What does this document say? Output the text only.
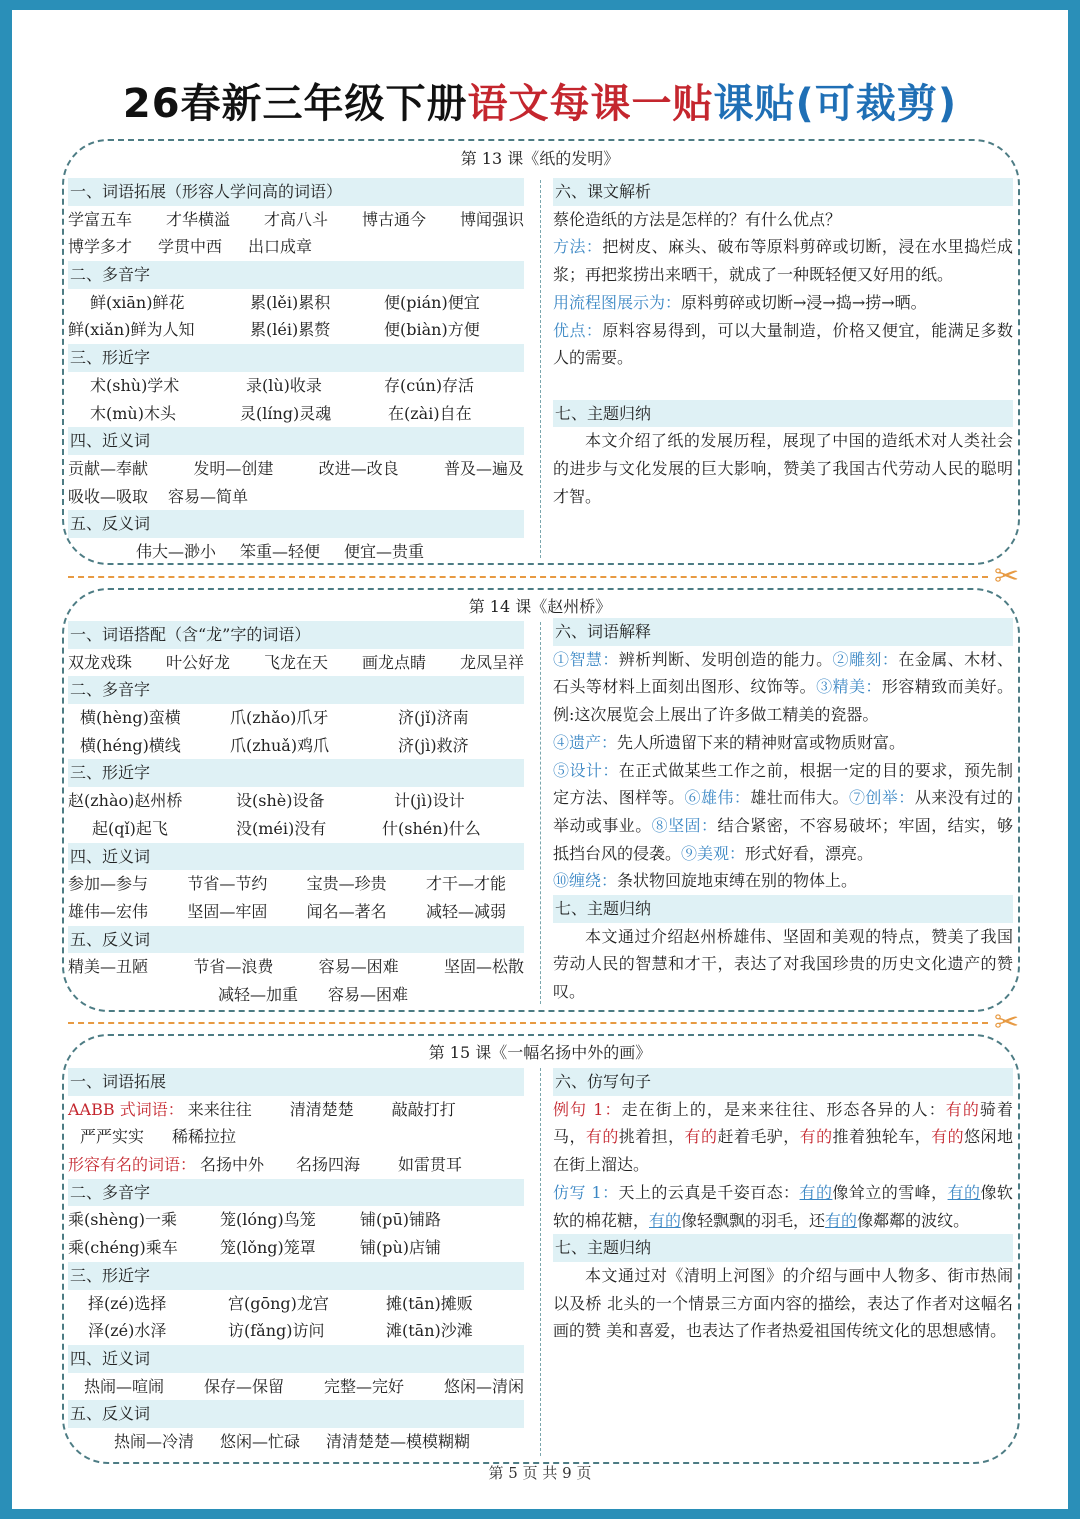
26春新三年级下册语文每课一贴课贴(可裁剪)
第 13 课《纸的发明》
一、词语拓展（形容人学问高的词语）
学富五车 才华横溢 才高八斗 博古通今 博闻强识
博学多才 学贯中西 出口成章
二、多音字
鲜(xiān)鲜花	累(lěi)累积	便(pián)便宜
鲜(xiǎn)鲜为人知	累(léi)累赘	便(biàn)方便
三、形近字
术(shù)学术	录(lù)收录	存(cún)存活
木(mù)木头	灵(líng)灵魂	在(zài)自在
四、近义词
贡献—奉献	发明—创建	改进—改良	普及—遍及
吸收—吸取 容易—简单
五、反义词
伟大—渺小 笨重—轻便 便宜—贵重
六、课文解析
蔡伦造纸的方法是怎样的？有什么优点？
方法：把树皮、麻头、破布等原料剪碎或切断，浸在水里捣烂成浆；再把浆捞出来晒干，就成了一种既轻便又好用的纸。
用流程图展示为：原料剪碎或切断→浸→捣→捞→晒。
优点：原料容易得到，可以大量制造，价格又便宜，能满足多数人的需要。
七、主题归纳
本文介绍了纸的发展历程，展现了中国的造纸术对人类社会的进步与文化发展的巨大影响，赞美了我国古代劳动人民的聪明才智。
✂
第 14 课《赵州桥》
一、词语搭配（含“龙”字的词语）
双龙戏珠 叶公好龙 飞龙在天 画龙点睛 龙凤呈祥
二、多音字
横(hèng)蛮横	爪(zhǎo)爪牙	济(jǐ)济南
横(héng)横线	爪(zhuǎ)鸡爪	济(jì)救济
三、形近字
赵(zhào)赵州桥	设(shè)设备	计(jì)设计
起(qǐ)起飞	没(méi)没有	什(shén)什么
四、近义词
参加—参与 节省—节约 宝贵—珍贵 才干—才能
雄伟—宏伟 坚固—牢固 闻名—著名 减轻—减弱
五、反义词
精美—丑陋	节省—浪费	容易—困难	坚固—松散
减轻—加重 容易—困难
六、词语解释
①智慧：辨析判断、发明创造的能力。②雕刻：在金属、木材、石头等材料上面刻出图形、纹饰等。③精美：形容精致而美好。例:这次展览会上展出了许多做工精美的瓷器。
④遗产：先人所遗留下来的精神财富或物质财富。
⑤设计：在正式做某些工作之前，根据一定的目的要求，预先制定方法、图样等。⑥雄伟：雄壮而伟大。⑦创举：从来没有过的举动或事业。⑧坚固：结合紧密，不容易破坏；牢固，结实，够抵挡台风的侵袭。⑨美观：形式好看，漂亮。
⑩缠绕：条状物回旋地束缚在别的物体上。
七、主题归纳
本文通过介绍赵州桥雄伟、坚固和美观的特点，赞美了我国劳动人民的智慧和才干，表达了对我国珍贵的历史文化遗产的赞叹。
✂
第 15 课《一幅名扬中外的画》
一、词语拓展
AABB 式词语： 来来往往	清清楚楚	敲敲打打
严严实实 稀稀拉拉
形容有名的词语： 名扬中外	名扬四海	如雷贯耳
二、多音字
乘(shèng)一乘	笼(lóng)鸟笼	铺(pū)铺路
乘(chéng)乘车	笼(lǒng)笼罩	铺(pù)店铺
三、形近字
择(zé)选择	宫(gōng)龙宫	摊(tān)摊贩
泽(zé)水泽	访(fǎng)访问	滩(tān)沙滩
四、近义词
热闹—喧闹 保存—保留 完整—完好 悠闲—清闲
五、反义词
热闹—冷清 悠闲—忙碌 清清楚楚—模模糊糊
六、仿写句子
例句 1：走在街上的，是来来往往、形态各异的人：有的骑着马，有的挑着担，有的赶着毛驴，有的推着独轮车，有的悠闲地在街上溜达。
仿写 1：天上的云真是千姿百态：有的像耸立的雪峰，有的像软软的棉花糖，有的像轻飘飘的羽毛，还有的像鄰鄰的波纹。
七、主题归纳
本文通过对《清明上河图》的介绍与画中人物多、街市热闹以及桥 北头的一个情景三方面内容的描绘，表达了作者对这幅名画的赞 美和喜爱，也表达了作者热爱祖国传统文化的思想感情。
第 5 页 共 9 页
